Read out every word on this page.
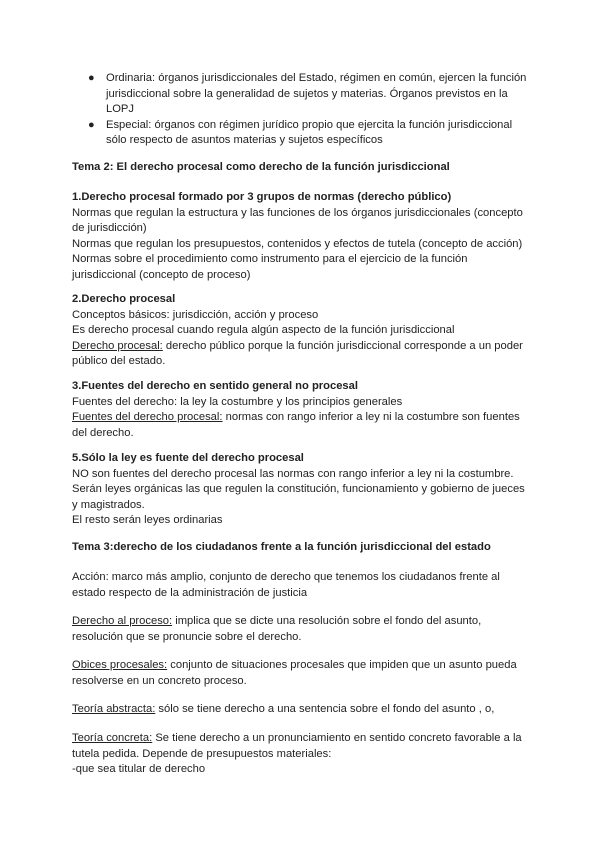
● Ordinaria: órganos jurisdiccionales del Estado, régimen en común, ejercen la función jurisdiccional sobre la generalidad de sujetos y materias. Órganos previstos en la LOPJ
● Especial: órganos con régimen jurídico propio que ejercita la función jurisdiccional sólo respecto de asuntos materias y sujetos específicos

Tema 2: El derecho procesal como derecho de la función jurisdiccional

1.Derecho procesal formado por 3 grupos de normas (derecho público)

Normas que regulan la estructura y las funciones de los órganos jurisdiccionales (concepto de jurisdicción)

Normas que regulan los presupuestos, contenidos y efectos de tutela (concepto de acción)

Normas sobre el procedimiento como instrumento para el ejercicio de la función jurisdiccional (concepto de proceso)

2.Derecho procesal

Conceptos básicos: jurisdicción, acción y proceso

Es derecho procesal cuando regula algún aspecto de la función jurisdiccional

Derecho procesal: derecho público porque la función jurisdiccional corresponde a un poder público del estado.

3.Fuentes del derecho en sentido general no procesal

Fuentes del derecho: la ley la costumbre y los principios generales

Fuentes del derecho procesal: normas con rango inferior a ley ni la costumbre son fuentes del derecho.

5.Sólo la ley es fuente del derecho procesal

NO son fuentes del derecho procesal las normas con rango inferior a ley ni la costumbre.

Serán leyes orgánicas las que regulen la constitución, funcionamiento y gobierno de jueces y magistrados.

El resto serán leyes ordinarias

Tema 3:derecho de los ciudadanos frente a la función jurisdiccional del estado

Acción: marco más amplio, conjunto de derecho que tenemos los ciudadanos frente al estado respecto de la administración de justicia

Derecho al proceso: implica que se dicte una resolución sobre el fondo del asunto, resolución que se pronuncie sobre el derecho.

Obices procesales: conjunto de situaciones procesales que impiden que un asunto pueda resolverse en un concreto proceso.

Teoría abstracta: sólo se tiene derecho a una sentencia sobre el fondo del asunto , o,

Teoría concreta: Se tiene derecho a un pronunciamiento en sentido concreto favorable a la tutela pedida. Depende de presupuestos materiales:

-que sea titular de derecho
